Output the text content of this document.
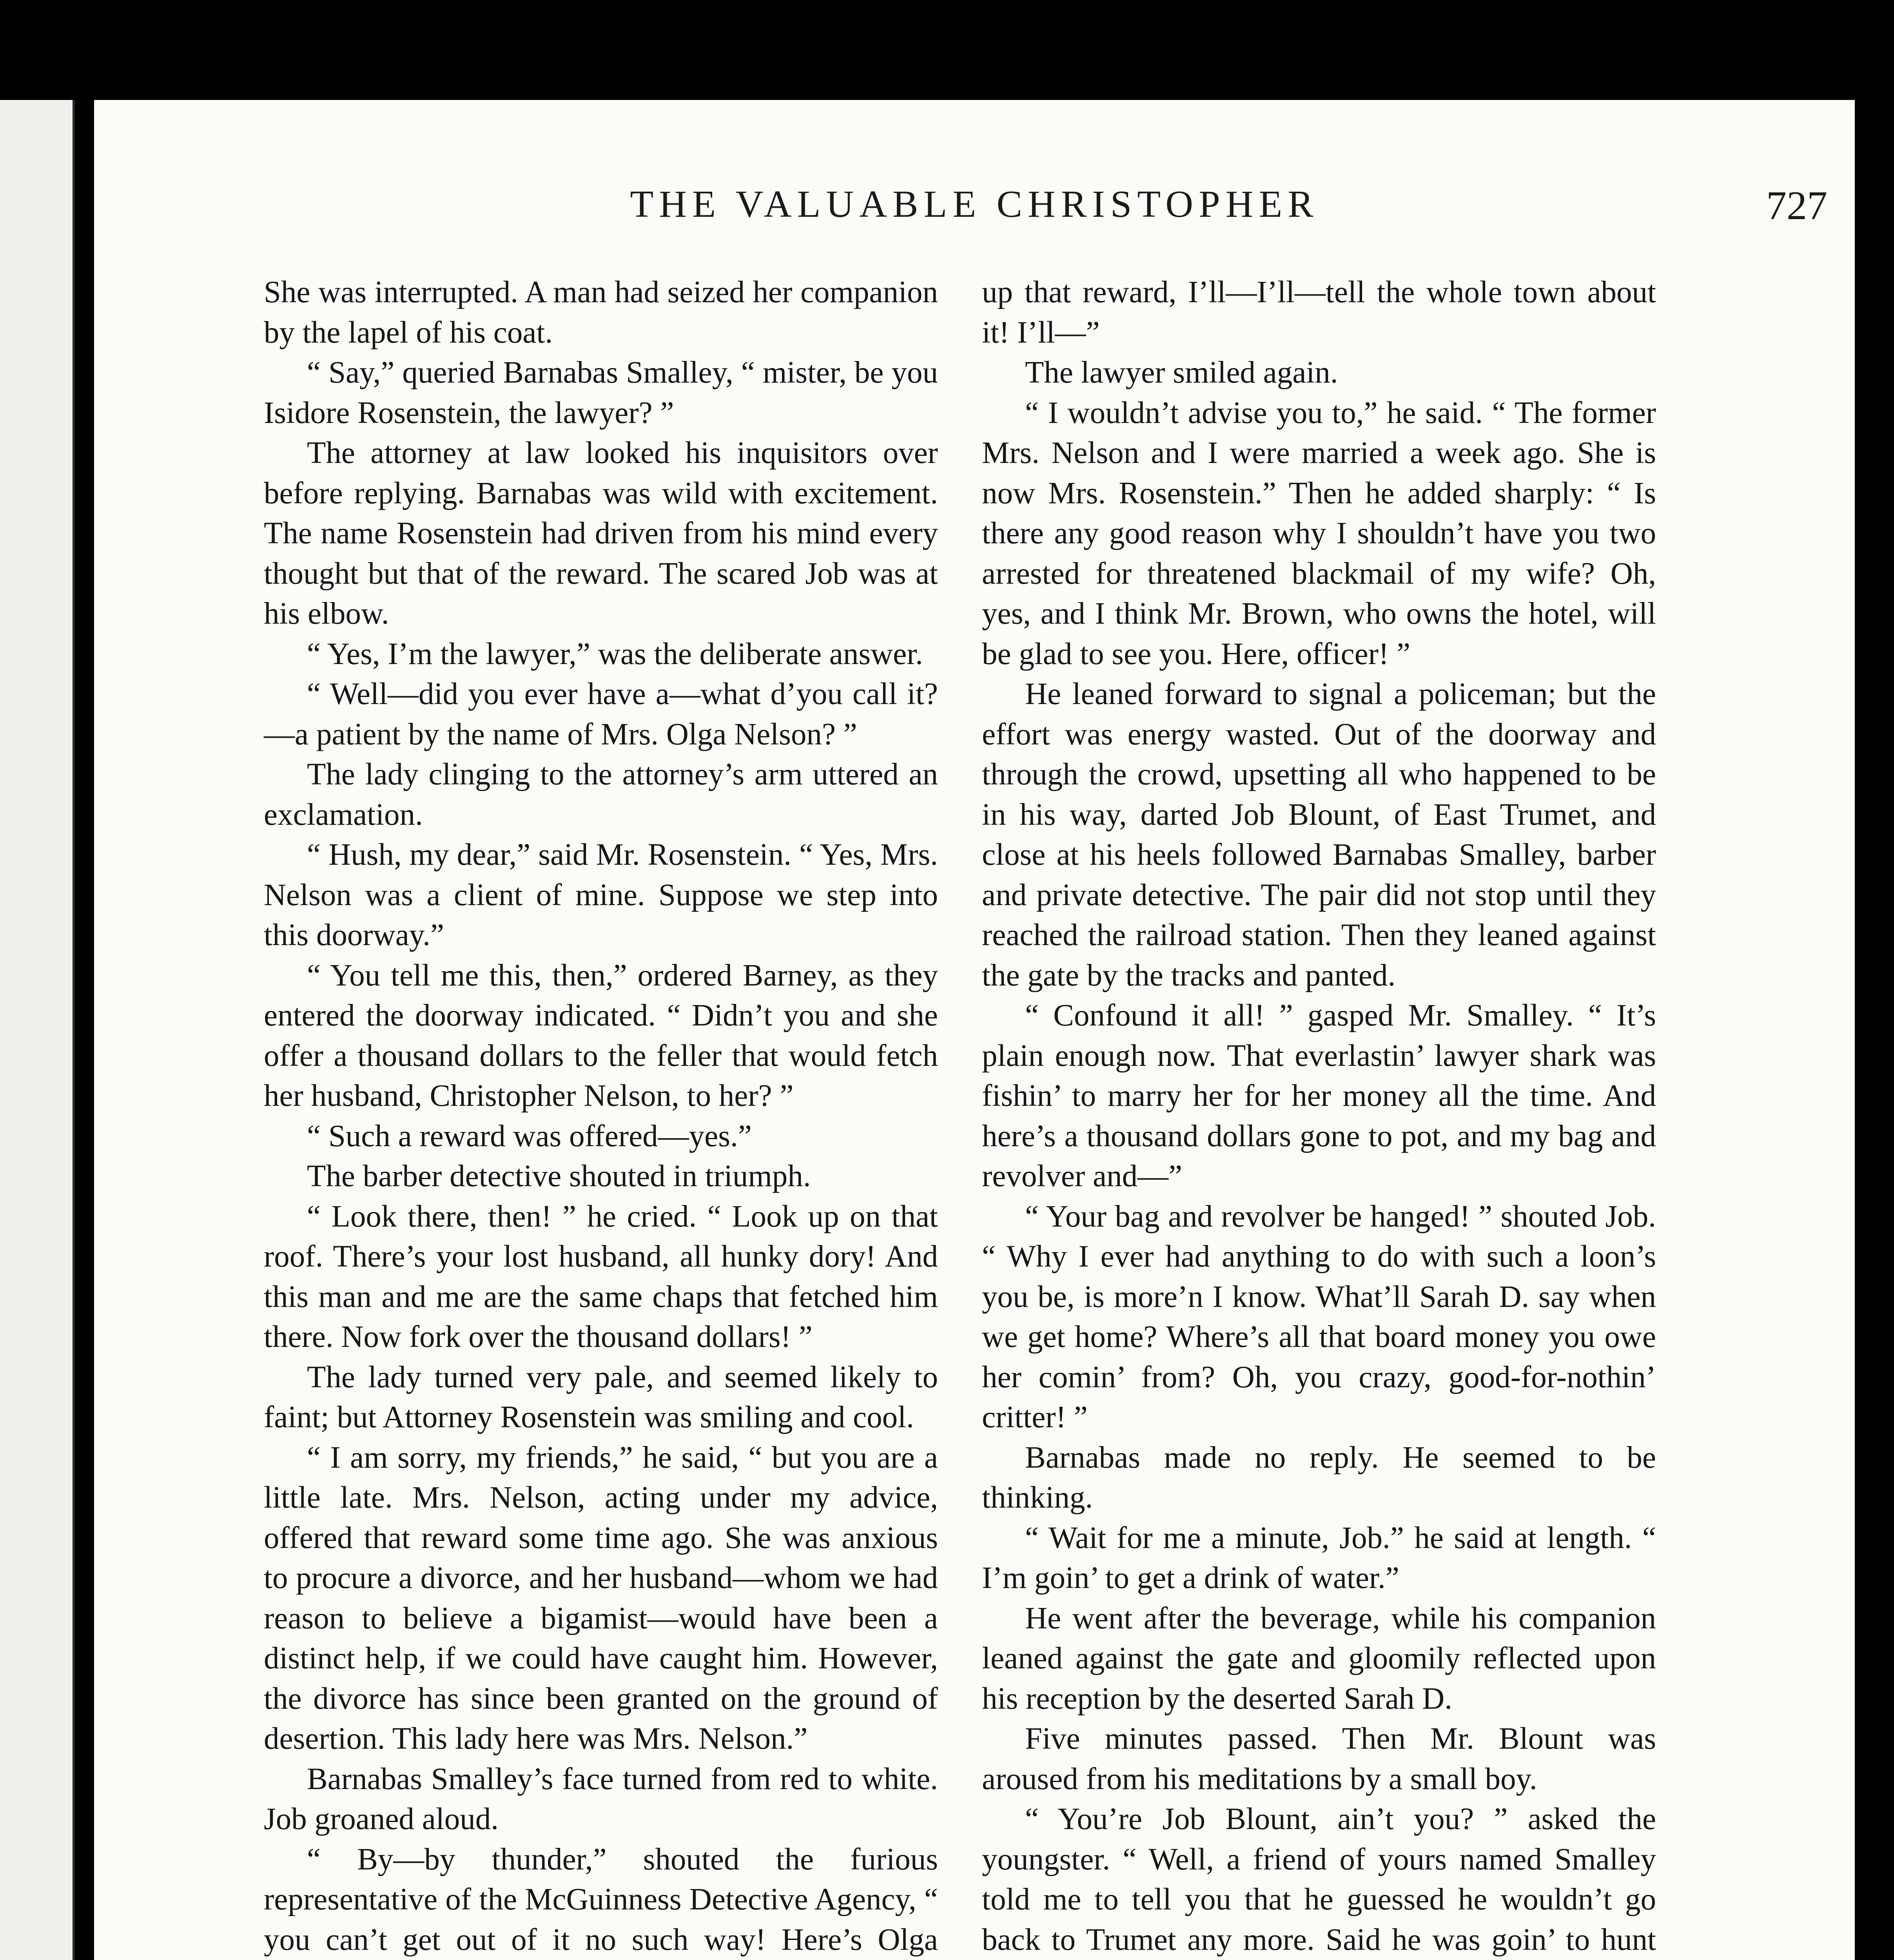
THE VALUABLE CHRISTOPHER	727

She was interrupted. A man had seized her companion by the lapel of his coat.

“ Say,” queried Barnabas Smalley, “ mister, be you Isidore Rosenstein, the lawyer? ”

The attorney at law looked his inquisitors over before replying. Barnabas was wild with excitement. The name Rosenstein had driven from his mind every thought but that of the reward. The scared Job was at his elbow.

“ Yes, I’m the lawyer,” was the deliberate answer.

“ Well—did you ever have a—what d’you call it?—a patient by the name of Mrs. Olga Nelson? ”

The lady clinging to the attorney’s arm uttered an exclamation.

“ Hush, my dear,” said Mr. Rosenstein. “ Yes, Mrs. Nelson was a client of mine. Suppose we step into this doorway.”

“ You tell me this, then,” ordered Barney, as they entered the doorway indicated. “ Didn’t you and she offer a thousand dollars to the feller that would fetch her husband, Christopher Nelson, to her? ”

“ Such a reward was offered—yes.”

The barber detective shouted in triumph.

“ Look there, then! ” he cried. “ Look up on that roof. There’s your lost husband, all hunky dory! And this man and me are the same chaps that fetched him there. Now fork over the thousand dollars! ”

The lady turned very pale, and seemed likely to faint; but Attorney Rosenstein was smiling and cool.

“ I am sorry, my friends,” he said, “ but you are a little late. Mrs. Nelson, acting under my advice, offered that reward some time ago. She was anxious to procure a divorce, and her husband—whom we had reason to believe a bigamist—would have been a distinct help, if we could have caught him. However, the divorce has since been granted on the ground of desertion. This lady here was Mrs. Nelson.”

Barnabas Smalley’s face turned from red to white. Job groaned aloud.

“ By—by thunder,” shouted the furious representative of the McGuinness Detective Agency, “ you can’t get out of it no such way! Here’s Olga

up that reward, I’ll—I’ll—tell the whole town about it! I’ll—”

The lawyer smiled again.

“ I wouldn’t advise you to,” he said. “ The former Mrs. Nelson and I were married a week ago. She is now Mrs. Rosenstein.” Then he added sharply: “ Is there any good reason why I shouldn’t have you two arrested for threatened blackmail of my wife? Oh, yes, and I think Mr. Brown, who owns the hotel, will be glad to see you. Here, officer! ”

He leaned forward to signal a policeman; but the effort was energy wasted. Out of the doorway and through the crowd, upsetting all who happened to be in his way, darted Job Blount, of East Trumet, and close at his heels followed Barnabas Smalley, barber and private detective. The pair did not stop until they reached the railroad station. Then they leaned against the gate by the tracks and panted.

“ Confound it all! ” gasped Mr. Smalley. “ It’s plain enough now. That everlastin’ lawyer shark was fishin’ to marry her for her money all the time. And here’s a thousand dollars gone to pot, and my bag and revolver and—”

“ Your bag and revolver be hanged! ” shouted Job. “ Why I ever had anything to do with such a loon’s you be, is more’n I know. What’ll Sarah D. say when we get home? Where’s all that board money you owe her comin’ from? Oh, you crazy, good-for-nothin’ critter! ”

Barnabas made no reply. He seemed to be thinking.

“ Wait for me a minute, Job.” he said at length. “ I’m goin’ to get a drink of water.”

He went after the beverage, while his companion leaned against the gate and gloomily reflected upon his reception by the deserted Sarah D.

Five minutes passed. Then Mr. Blount was aroused from his meditations by a small boy.

“ You’re Job Blount, ain’t you? ” asked the youngster. “ Well, a friend of yours named Smalley told me to tell you that he guessed he wouldn’t go back to Trumet any more. Said he was goin’ to hunt
